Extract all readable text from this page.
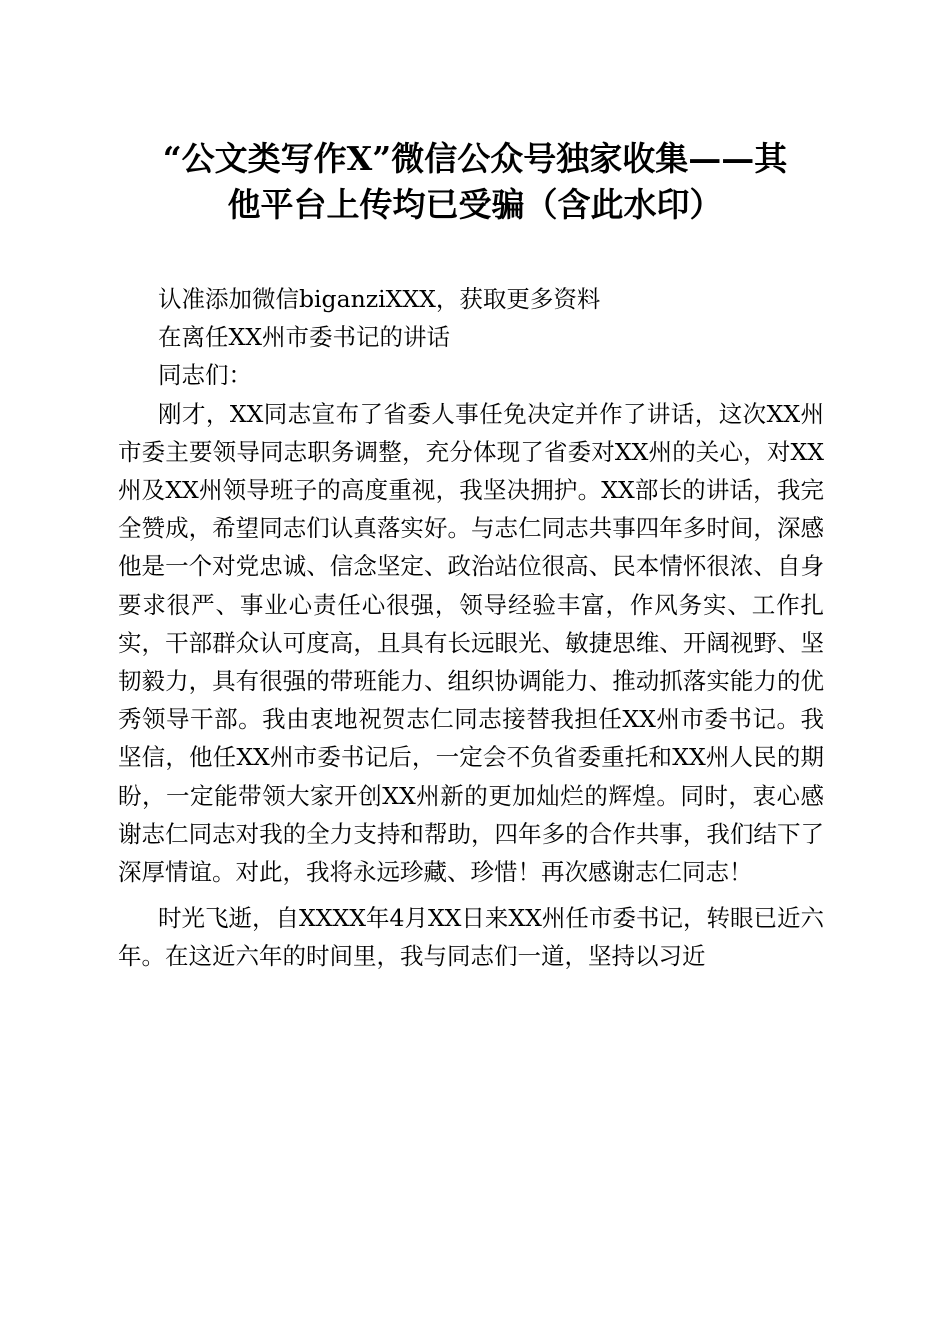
“公文类写作X”微信公众号独家收集——其
他平台上传均已受骗（含此水印）

认准添加微信biganziXXX，获取更多资料

在离任XX州市委书记的讲话

同志们：

刚才，XX同志宣布了省委人事任免决定并作了讲话，这次XX州市委主要领导同志职务调整，充分体现了省委对XX州的关心，对XX州及XX州领导班子的高度重视，我坚决拥护。XX部长的讲话，我完全赞成，希望同志们认真落实好。与志仁同志共事四年多时间，深感他是一个对党忠诚、信念坚定、政治站位很高、民本情怀很浓、自身要求很严、事业心责任心很强，领导经验丰富，作风务实、工作扎实，干部群众认可度高，且具有长远眼光、敏捷思维、开阔视野、坚韧毅力，具有很强的带班能力、组织协调能力、推动抓落实能力的优秀领导干部。我由衷地祝贺志仁同志接替我担任XX州市委书记。我坚信，他任XX州市委书记后，一定会不负省委重托和XX州人民的期盼，一定能带领大家开创XX州新的更加灿烂的辉煌。同时，衷心感谢志仁同志对我的全力支持和帮助，四年多的合作共事，我们结下了深厚情谊。对此，我将永远珍藏、珍惜！再次感谢志仁同志！

时光飞逝，自XXXX年4月XX日来XX州任市委书记，转眼已近六年。在这近六年的时间里，我与同志们一道，坚持以习近
